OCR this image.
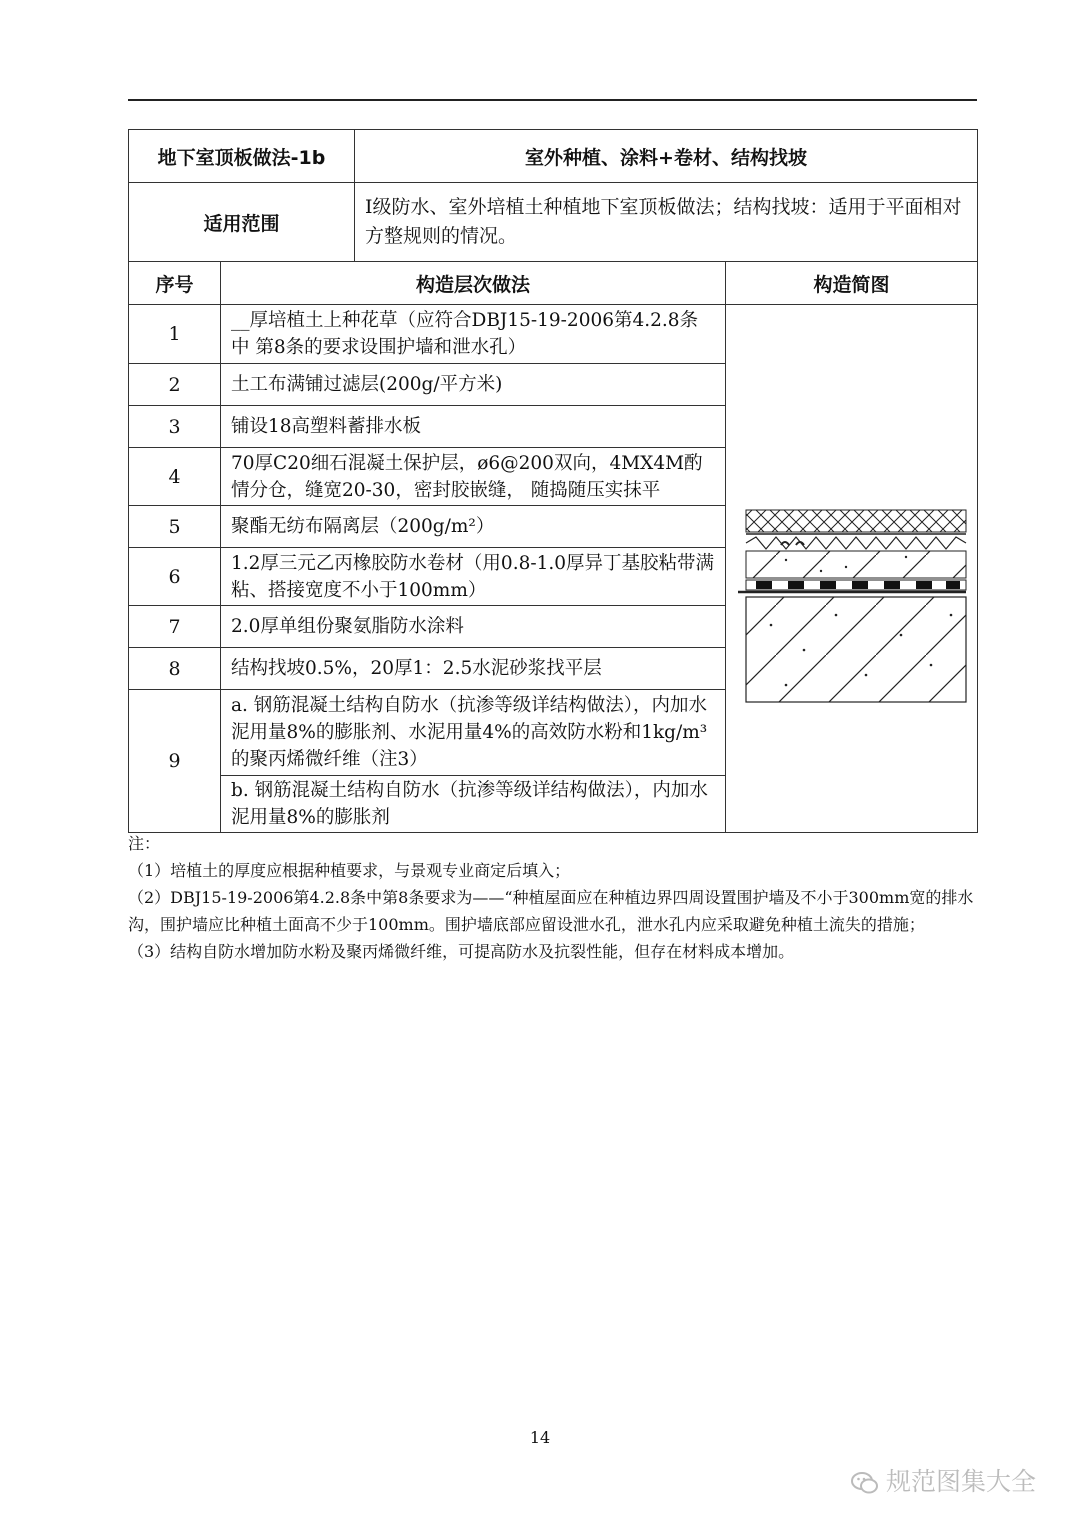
地下室顶板做法-1b	室外种植、涂料+卷材、结构找坡
适用范围	I级防水、室外培植土种植地下室顶板做法；结构找坡：适用于平面相对方整规则的情况。
序号	构造层次做法	构造简图
1	__厚培植土上种花草（应符合DBJ15-19-2006第4.2.8条中 第8条的要求设围护墙和泄水孔）	

2	土工布满铺过滤层(200g/平方米)	
3	铺设18高塑料蓄排水板	
4	70厚C20细石混凝土保护层，ø6@200双向，4MX4M酌情分仓，缝宽20-30，密封胶嵌缝， 随捣随压实抹平	
5	聚酯无纺布隔离层（200g/m²）	
6	1.2厚三元乙丙橡胶防水卷材（用0.8-1.0厚异丁基胶粘带满粘、搭接宽度不小于100mm）	
7	2.0厚单组份聚氨脂防水涂料	
8	结构找坡0.5%，20厚1：2.5水泥砂浆找平层	
9	a. 钢筋混凝土结构自防水（抗渗等级详结构做法），内加水泥用量8%的膨胀剂、水泥用量4%的高效防水粉和1kg/m³的聚丙烯微纤维（注3）	
	b. 钢筋混凝土结构自防水（抗渗等级详结构做法），内加水泥用量8%的膨胀剂	
注：
（1）培植土的厚度应根据种植要求，与景观专业商定后填入；
（2）DBJ15-19-2006第4.2.8条中第8条要求为——“种植屋面应在种植边界四周设置围护墙及不小于300mm宽的排水沟，围护墙应比种植土面高不少于100mm。围护墙底部应留设泄水孔，泄水孔内应采取避免种植土流失的措施；
（3）结构自防水增加防水粉及聚丙烯微纤维，可提高防水及抗裂性能，但存在材料成本增加。
14
规范图集大全
